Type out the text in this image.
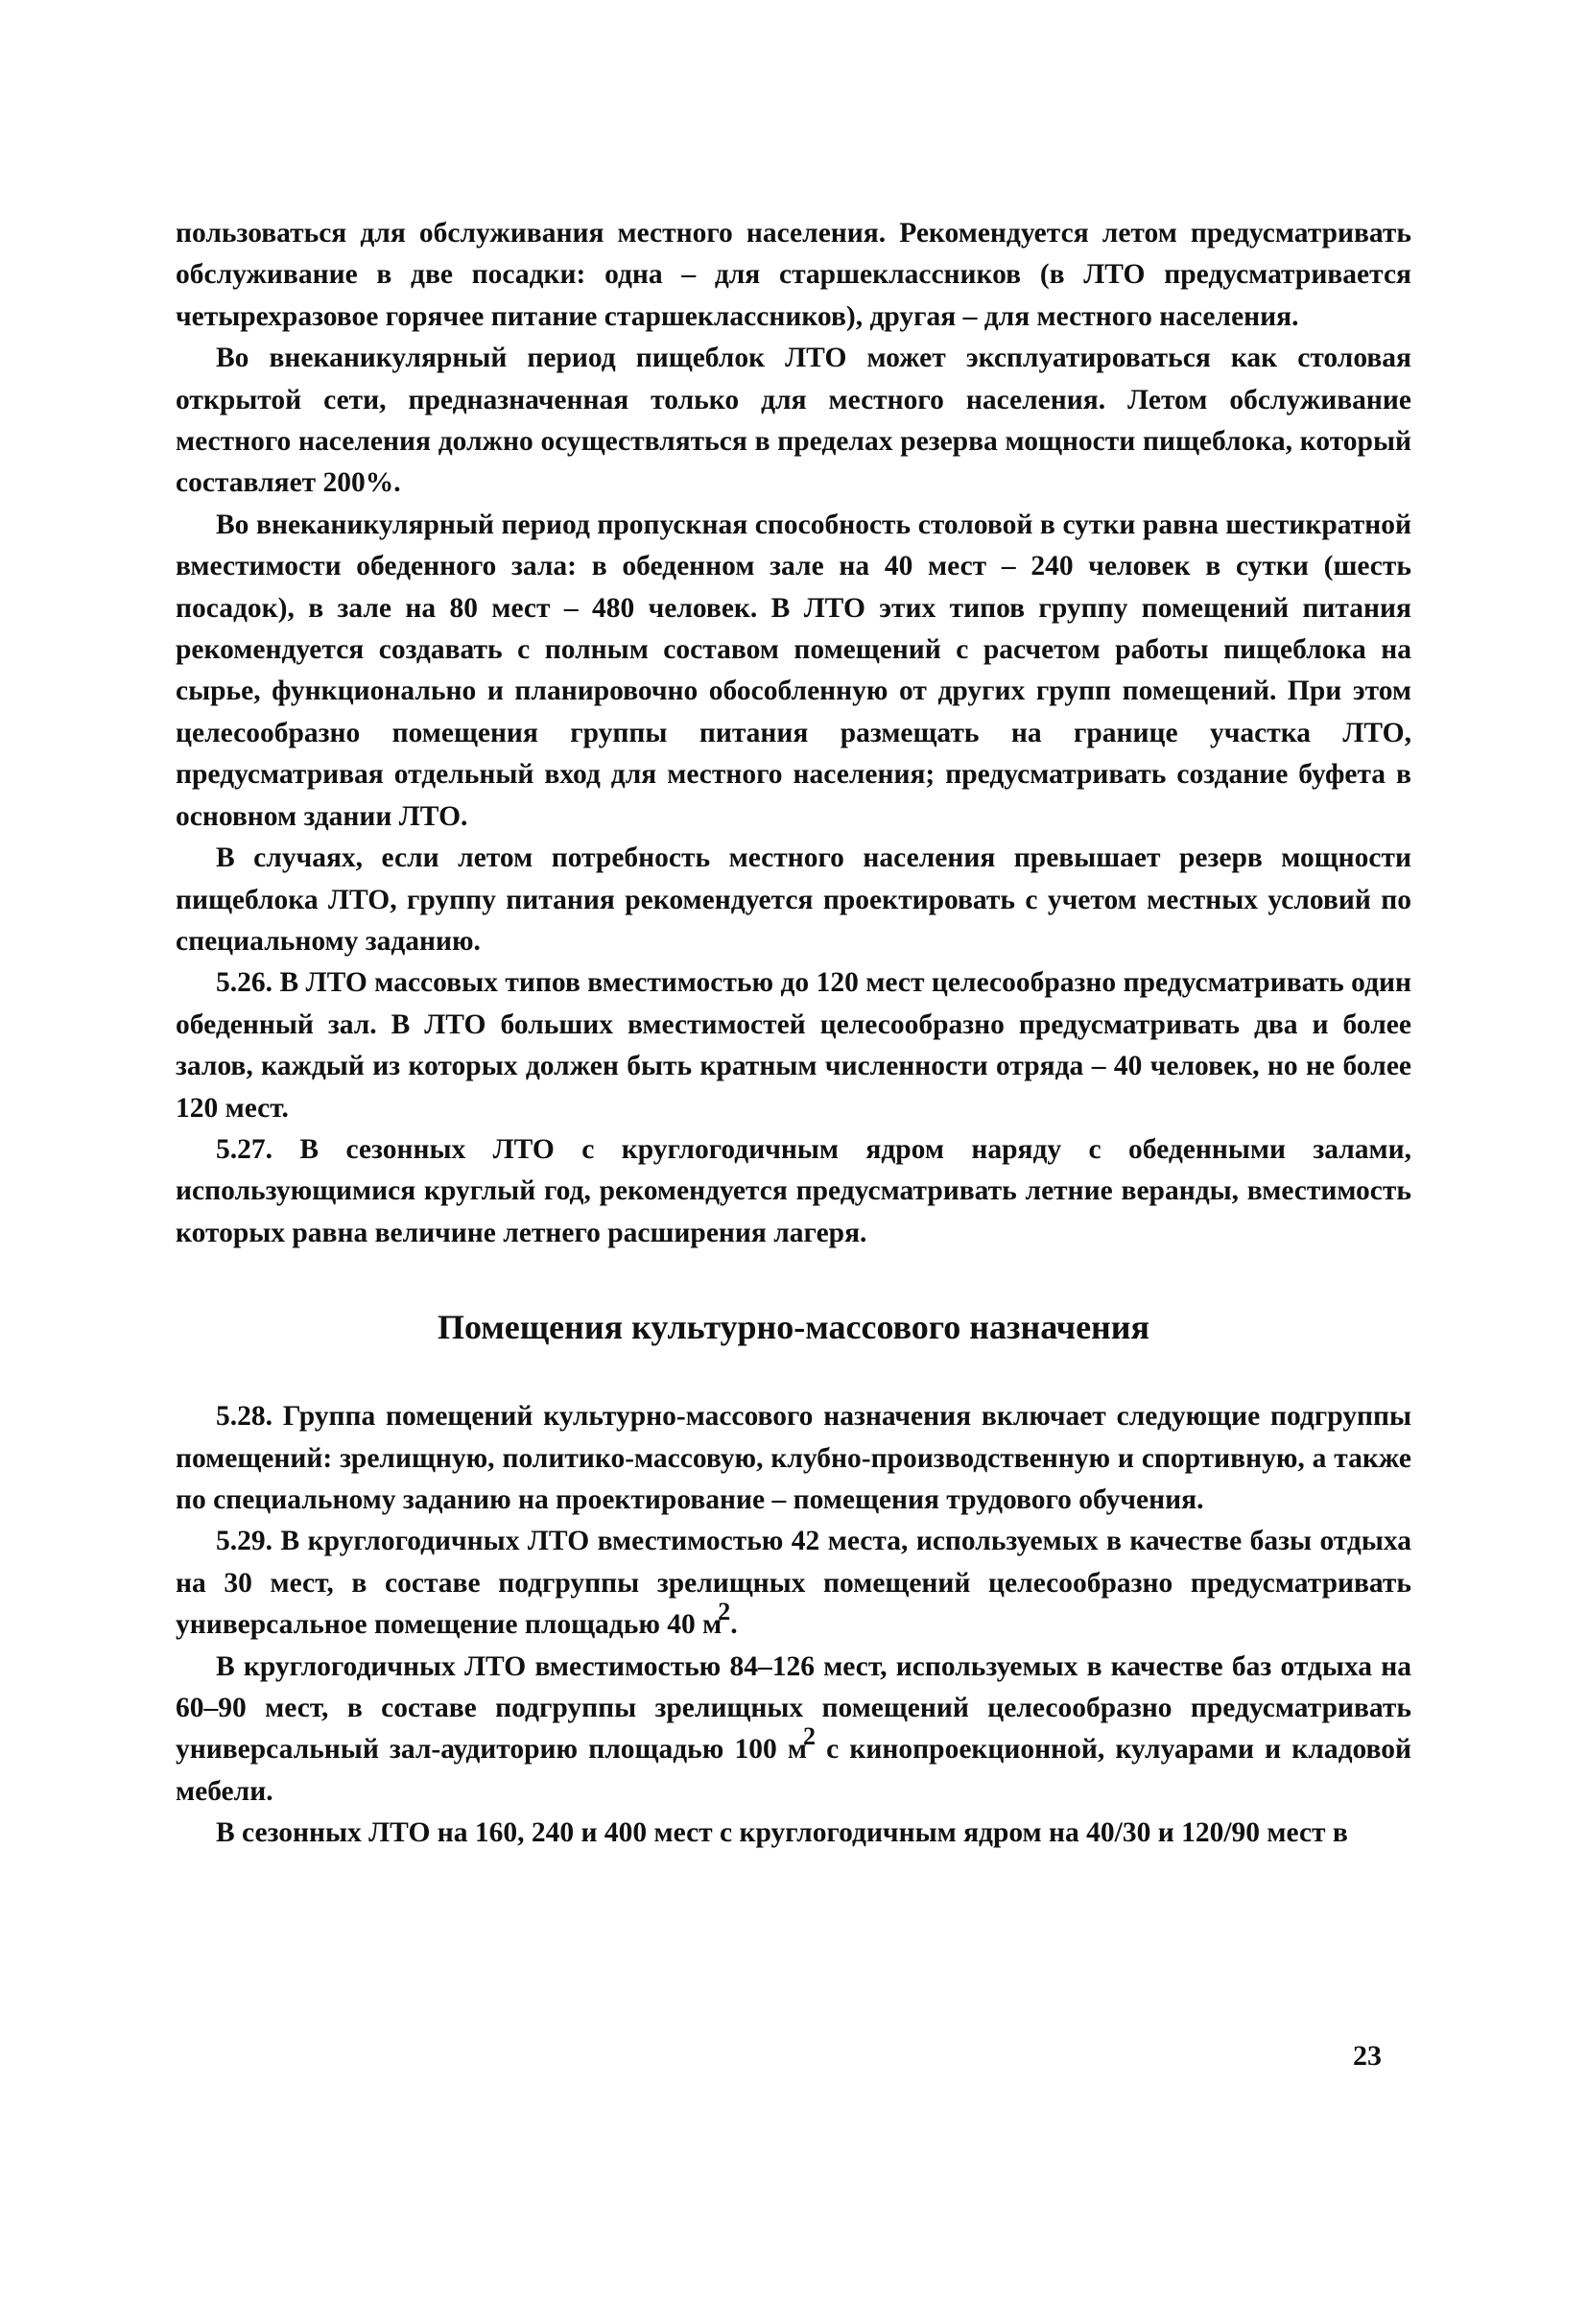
пользоваться для обслуживания местного населения. Рекомендуется летом предусматривать обслуживание в две посадки: одна – для старшеклассников (в ЛТО предусматривается четырехразовое горячее питание старшеклассников), другая – для местного населения.

Во внеканикулярный период пищеблок ЛТО может эксплуатироваться как столовая открытой сети, предназначенная только для местного населения. Летом обслуживание местного населения должно осуществляться в пределах резерва мощности пищеблока, который составляет 200%.

Во внеканикулярный период пропускная способность столовой в сутки равна шестикратной вместимости обеденного зала: в обеденном зале на 40 мест – 240 человек в сутки (шесть посадок), в зале на 80 мест – 480 человек. В ЛТО этих типов группу помещений питания рекомендуется создавать с полным составом помещений с расчетом работы пищеблока на сырье, функционально и планировочно обособленную от других групп помещений. При этом целесообразно помещения группы питания размещать на границе участка ЛТО, предусматривая отдельный вход для местного населения; предусматривать создание буфета в основном здании ЛТО.

В случаях, если летом потребность местного населения превышает резерв мощности пищеблока ЛТО, группу питания рекомендуется проектировать с учетом местных условий по специальному заданию.

5.26. В ЛТО массовых типов вместимостью до 120 мест целесообразно предусматривать один обеденный зал. В ЛТО больших вместимостей целесообразно предусматривать два и более залов, каждый из которых должен быть кратным численности отряда – 40 человек, но не более 120 мест.

5.27. В сезонных ЛТО с круглогодичным ядром наряду с обеденными залами, использующимися круглый год, рекомендуется предусматривать летние веранды, вместимость которых равна величине летнего расширения лагеря.

Помещения культурно-массового назначения

5.28. Группа помещений культурно-массового назначения включает следующие подгруппы помещений: зрелищную, политико-массовую, клубно-производственную и спортивную, а также по специальному заданию на проектирование – помещения трудового обучения.

5.29. В круглогодичных ЛТО вместимостью 42 места, используемых в качестве базы отдыха на 30 мест, в составе подгруппы зрелищных помещений целесообразно предусматривать универсальное помещение площадью 40 м2.

В круглогодичных ЛТО вместимостью 84–126 мест, используемых в качестве баз отдыха на 60–90 мест, в составе подгруппы зрелищных помещений целесообразно предусматривать универсальный зал-аудиторию площадью 100 м2 с кинопроекционной, кулуарами и кладовой мебели.

В сезонных ЛТО на 160, 240 и 400 мест с круглогодичным ядром на 40/30 и 120/90 мест в

23
